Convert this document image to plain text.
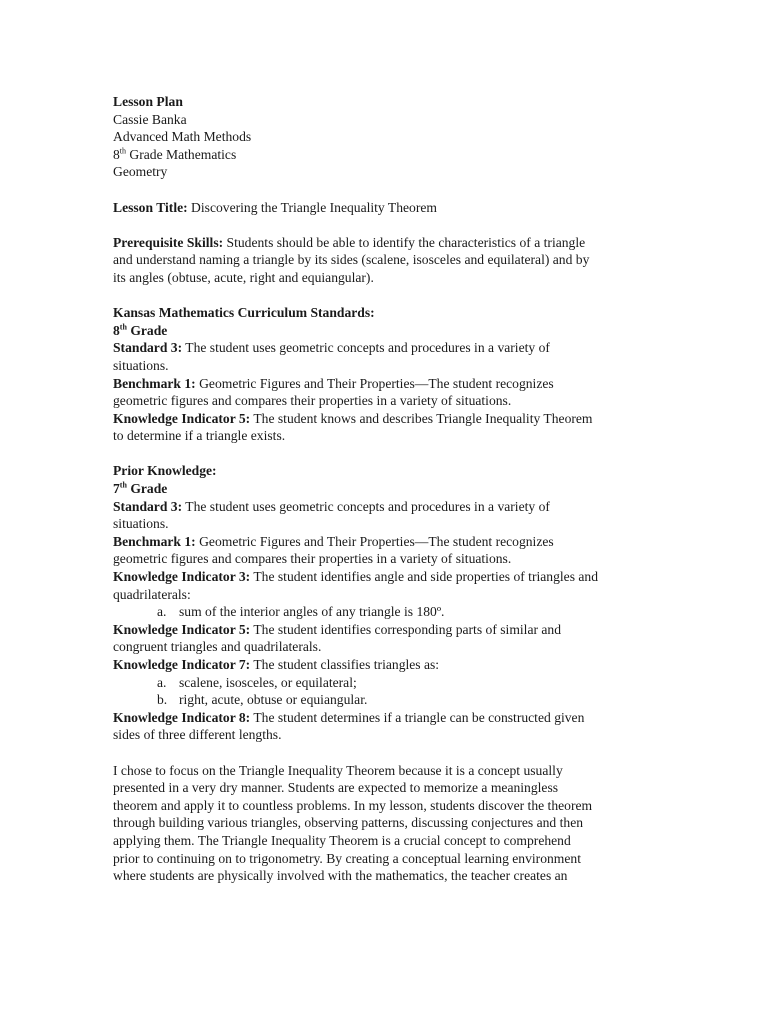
Lesson Plan

Cassie Banka

Advanced Math Methods

8th Grade Mathematics

Geometry

Lesson Title: Discovering the Triangle Inequality Theorem

Prerequisite Skills: Students should be able to identify the characteristics of a triangle

and understand naming a triangle by its sides (scalene, isosceles and equilateral) and by

its angles (obtuse, acute, right and equiangular).

Kansas Mathematics Curriculum Standards:

8th Grade

Standard 3: The student uses geometric concepts and procedures in a variety of

situations.

Benchmark 1: Geometric Figures and Their Properties—The student recognizes

geometric figures and compares their properties in a variety of situations.

Knowledge Indicator 5: The student knows and describes Triangle Inequality Theorem

to determine if a triangle exists.

Prior Knowledge:

7th Grade

Standard 3: The student uses geometric concepts and procedures in a variety of

situations.

Benchmark 1: Geometric Figures and Their Properties—The student recognizes

geometric figures and compares their properties in a variety of situations.

Knowledge Indicator 3: The student identifies angle and side properties of triangles and

quadrilaterals:

a. sum of the interior angles of any triangle is 180º.

Knowledge Indicator 5: The student identifies corresponding parts of similar and

congruent triangles and quadrilaterals.

Knowledge Indicator 7: The student classifies triangles as:

a. scalene, isosceles, or equilateral;

b. right, acute, obtuse or equiangular.

Knowledge Indicator 8: The student determines if a triangle can be constructed given

sides of three different lengths.

I chose to focus on the Triangle Inequality Theorem because it is a concept usually

presented in a very dry manner. Students are expected to memorize a meaningless

theorem and apply it to countless problems. In my lesson, students discover the theorem

through building various triangles, observing patterns, discussing conjectures and then

applying them. The Triangle Inequality Theorem is a crucial concept to comprehend

prior to continuing on to trigonometry. By creating a conceptual learning environment

where students are physically involved with the mathematics, the teacher creates an
